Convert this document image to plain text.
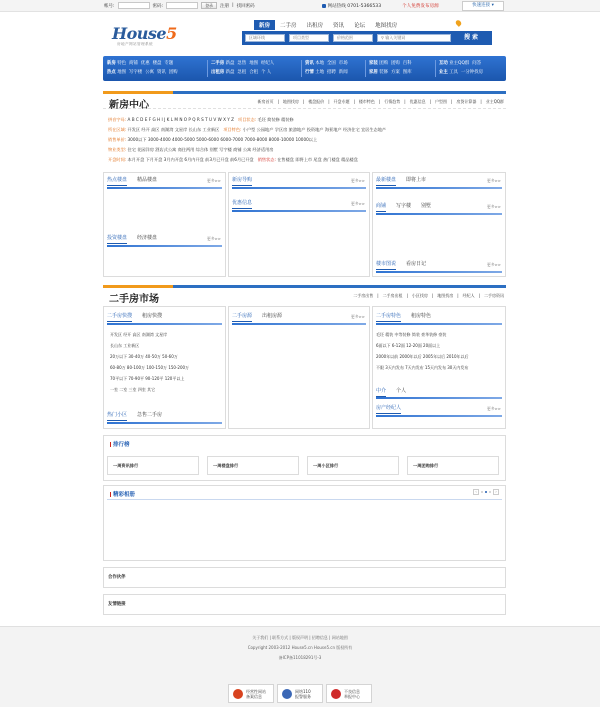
帐号:	密码:	登录	注册 | 找回密码	网站热线 0701-5366533	个人免费发布房源	快速连接 ▾
House5
房地产网站管理系统
新房	二手房	出租房	资讯	论坛	地图找房
区域环线	项目类型	价格范围	⚲ 输入关键词	搜 索
新房 特色 商铺 优惠 楼盘 专题
热点 地图 写字楼 公寓 资讯 团购
二手房 新盘 急售 地图 经纪人
出租房 新盘 急租 合租 个 人
资讯 本地 全国 市场
行情 土地 招聘 新闻
家装 团购 团购 百科
家居 装修 方案 图库
互动 业主QQ群 问答
业主 工具 一分钟找房
新房中心	新房首页 | 地图找房 | 楼盘报价 | 开盘专题 | 楼市特色 | 行情趋势 | 优惠信息 | 户型图 | 房贷计算器 | 业主QQ群
拼音字母: A B C D E F G H I J K L M N O P Q R S T U V W X Y Z 项目状态: 毛坯 简装修 精装修
所在区域: 开发区 经开 高区 南湖湾 文星岸 长山东 工业新区 项目特色: 小户型 公园地产 学区房 旅游地产 投资地产 海景地产 经济住宅 宜居生态地产
销售单价: 3000以下 3000-4000 4000-5000 5000-6000 6000-7000 7000-8000 8000-10000 10000以上
物业类型: 住宅 花园洋房 酒店式公寓 商住两用 综合体 别墅 写字楼 商铺 公寓 经济适用房
开盘时间: 本月开盘 下月开盘 3月内开盘 6月内开盘 前3月已开盘 前6月已开盘 销售状态: 在售楼盘 即将上市 尾盘 热门楼盘 精品楼盘
热点楼盘 精品楼盘	更多>>
投资楼盘 经济楼盘	更多>>
新房导购	更多>>
优惠信息	更多>>
最新楼盘 即将上市	更多>>
商铺 写字楼 别墅	更多>>
楼市图说 看房日记	更多>>
二手房市场	二手房出售 | 二手房出租 | 小区找房 | 地图找房 | 经纪人 | 二手房资讯
二手房快搜 租房快搜
开发区 经开 高区 南湖湾 文星岸
长山东 工业新区
20万以下 30-40万 40-50万 50-60万
60-80万 80-100万 100-150万 150-200万
70平以下 70-90平 90-120平 120平以上
一室 二室 三室 四室 其它
热门小区 急售二手房
二手房源 出租房源	更多>> 二手房特色 租房特色
毛坯 精装 中等装修 简装 豪华装修 豪装
6面以下 6-12面 12-20面 20面以上
2000年以前 2000年以后 2005年以后 2010年以后
不限 3天内发布 7天内发布 15天内发布 30天内发布
中介 个人
房产经纪人	更多>>
排行榜
一周资讯排行	一周楼盘排行	一周小区排行	一周团购排行
精彩相册
‹	›
合作伙伴
友情链接
关于我们 | 联系方式 | 版权声明 | 招聘信息 | 网站地图
Copyright 2003-2012 House5.cn House5.cn 版权所有
备ICP备11018291号-3
经营性网站
备案信息
网络110
报警服务
不良信息
举报中心
